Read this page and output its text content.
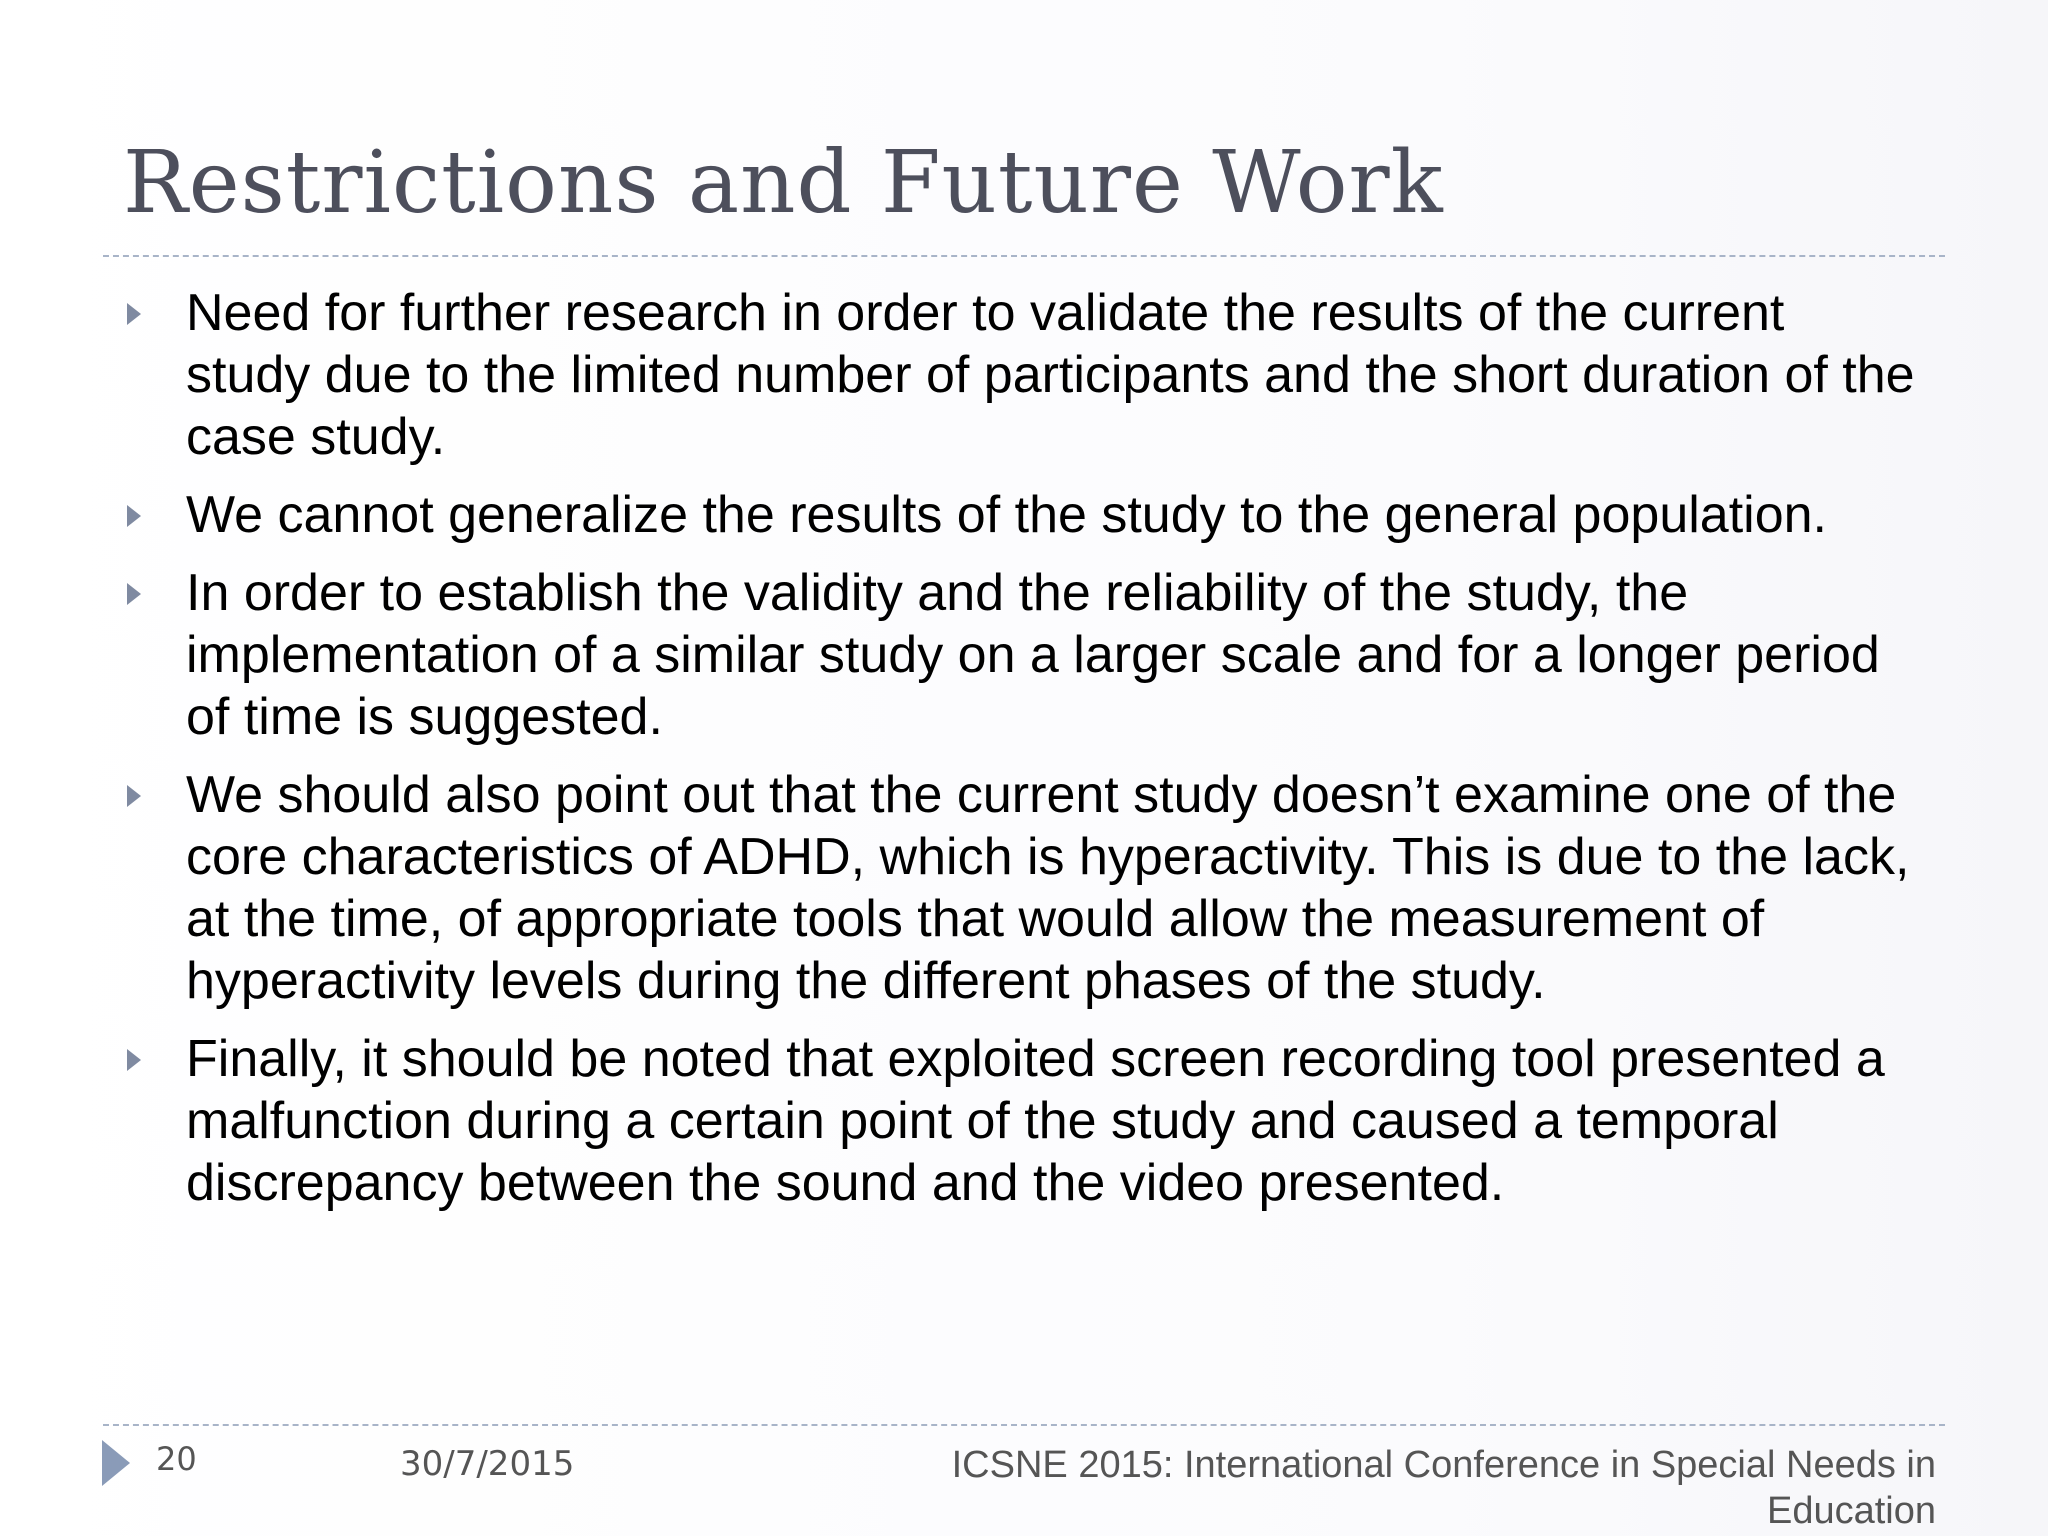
Restrictions and Future Work
Need for further research in order to validate the results of the current study due to the limited number of participants and the short duration of the case study.
We cannot generalize the results of the study to the general population.
In order to establish the validity and the reliability of the study, the implementation of a similar study on a larger scale and for a longer period of time is suggested.
We should also point out that the current study doesn’t examine one of the core characteristics of ADHD, which is hyperactivity. This is due to the lack, at the time, of appropriate tools that would allow the measurement of hyperactivity levels during the different phases of the study.
Finally, it should be noted that exploited screen recording tool presented a malfunction during a certain point of the study and caused a temporal discrepancy between the sound and the video presented.
20	30/7/2015	ICSNE 2015: International Conference in Special Needs in Education
